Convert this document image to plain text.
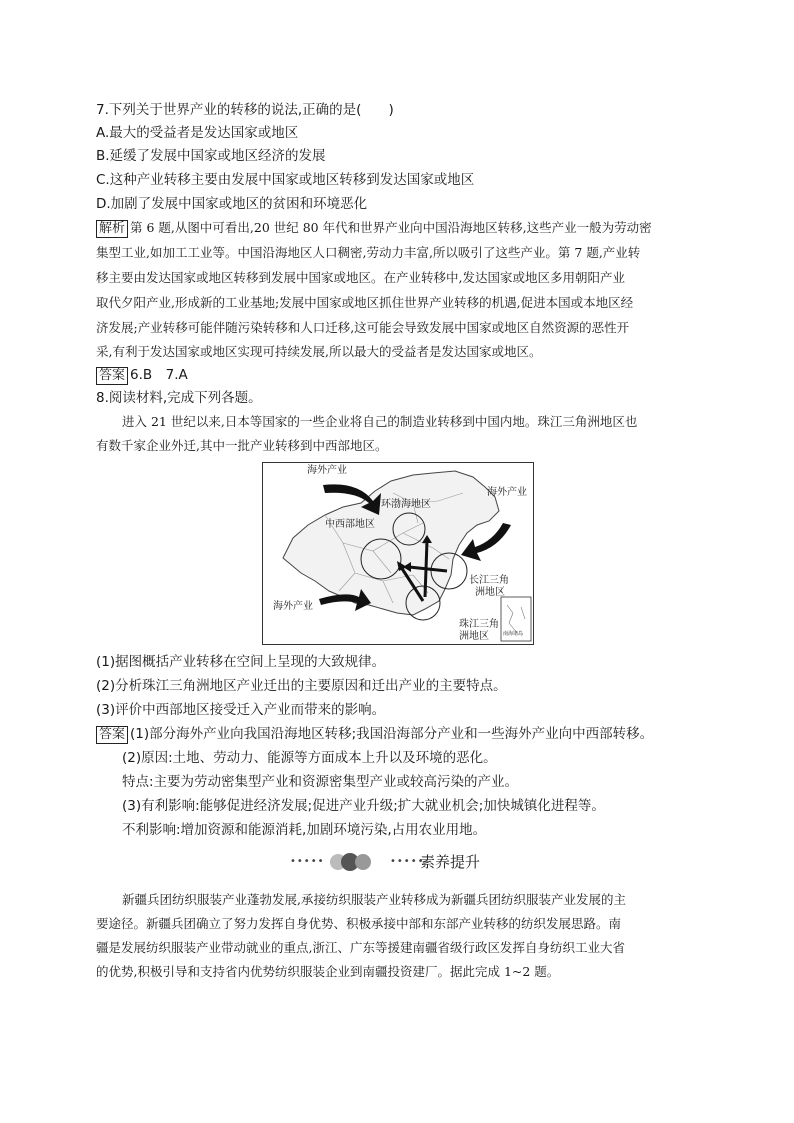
7.下列关于世界产业的转移的说法,正确的是(　　)
A.最大的受益者是发达国家或地区
B.延缓了发展中国家或地区经济的发展
C.这种产业转移主要由发展中国家或地区转移到发达国家或地区
D.加剧了发展中国家或地区的贫困和环境恶化
解析 第 6 题,从图中可看出,20 世纪 80 年代和世界产业向中国沿海地区转移,这些产业一般为劳动密
集型工业,如加工工业等。中国沿海地区人口稠密,劳动力丰富,所以吸引了这些产业。第 7 题,产业转
移主要由发达国家或地区转移到发展中国家或地区。在产业转移中,发达国家或地区多用朝阳产业
取代夕阳产业,形成新的工业基地;发展中国家或地区抓住世界产业转移的机遇,促进本国或本地区经
济发展;产业转移可能伴随污染转移和人口迁移,这可能会导致发展中国家或地区自然资源的恶性开
采,有利于发达国家或地区实现可持续发展,所以最大的受益者是发达国家或地区。
答案 6.B　7.A
8.阅读材料,完成下列各题。
进入 21 世纪以来,日本等国家的一些企业将自己的制造业转移到中国内地。珠江三角洲地区也
有数千家企业外迁,其中一批产业转移到中西部地区。
海外产业
海外产业
海外产业
环渤海地区
中西部地区
长江三角
洲地区
珠江三角
洲地区	南海诸岛
(1)据图概括产业转移在空间上呈现的大致规律。
(2)分析珠江三角洲地区产业迁出的主要原因和迁出产业的主要特点。
(3)评价中西部地区接受迁入产业而带来的影响。
答案 (1)部分海外产业向我国沿海地区转移;我国沿海部分产业和一些海外产业向中西部转移。
(2)原因:土地、劳动力、能源等方面成本上升以及环境的恶化。
特点:主要为劳动密集型产业和资源密集型产业或较高污染的产业。
(3)有利影响:能够促进经济发展;促进产业升级;扩大就业机会;加快城镇化进程等。
不利影响:增加资源和能源消耗,加剧环境污染,占用农业用地。
•••••	•••••
素养提升
新疆兵团纺织服装产业蓬勃发展,承接纺织服装产业转移成为新疆兵团纺织服装产业发展的主
要途径。新疆兵团确立了努力发挥自身优势、积极承接中部和东部产业转移的纺织发展思路。南
疆是发展纺织服装产业带动就业的重点,浙江、广东等援建南疆省级行政区发挥自身纺织工业大省
的优势,积极引导和支持省内优势纺织服装企业到南疆投资建厂。据此完成 1~2 题。
